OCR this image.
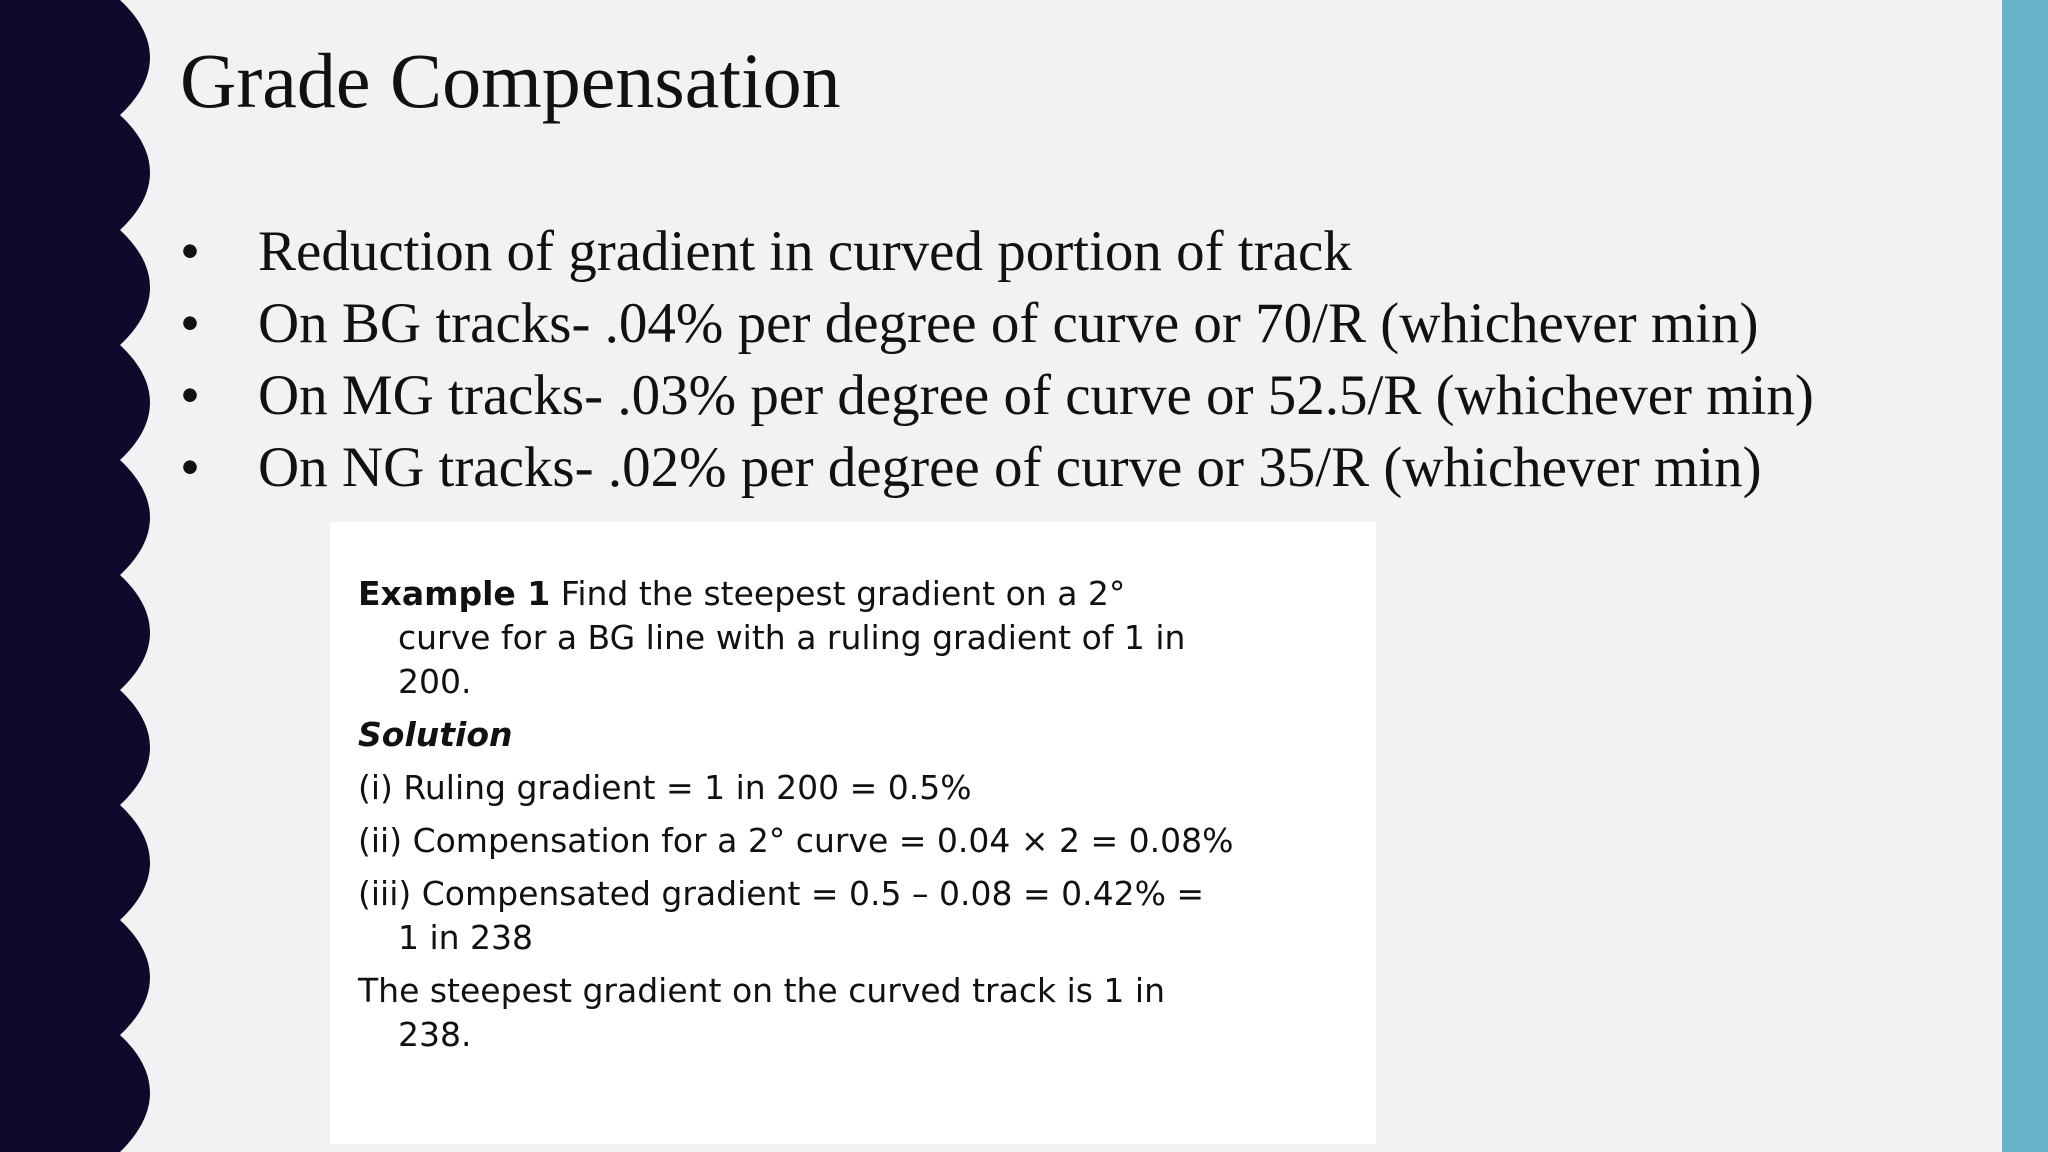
Grade Compensation
• Reduction of gradient in curved portion of track
• On BG tracks- .04% per degree of curve or 70/R (whichever min)
• On MG tracks- .03% per degree of curve or 52.5/R (whichever min)
• On NG tracks- .02% per degree of curve or 35/R (whichever min)
Example 1 Find the steepest gradient on a 2°
curve for a BG line with a ruling gradient of 1 in
200.
Solution
(i) Ruling gradient = 1 in 200 = 0.5%
(ii) Compensation for a 2° curve = 0.04 × 2 = 0.08%
(iii) Compensated gradient = 0.5 – 0.08 = 0.42% =
1 in 238
The steepest gradient on the curved track is 1 in
238.
